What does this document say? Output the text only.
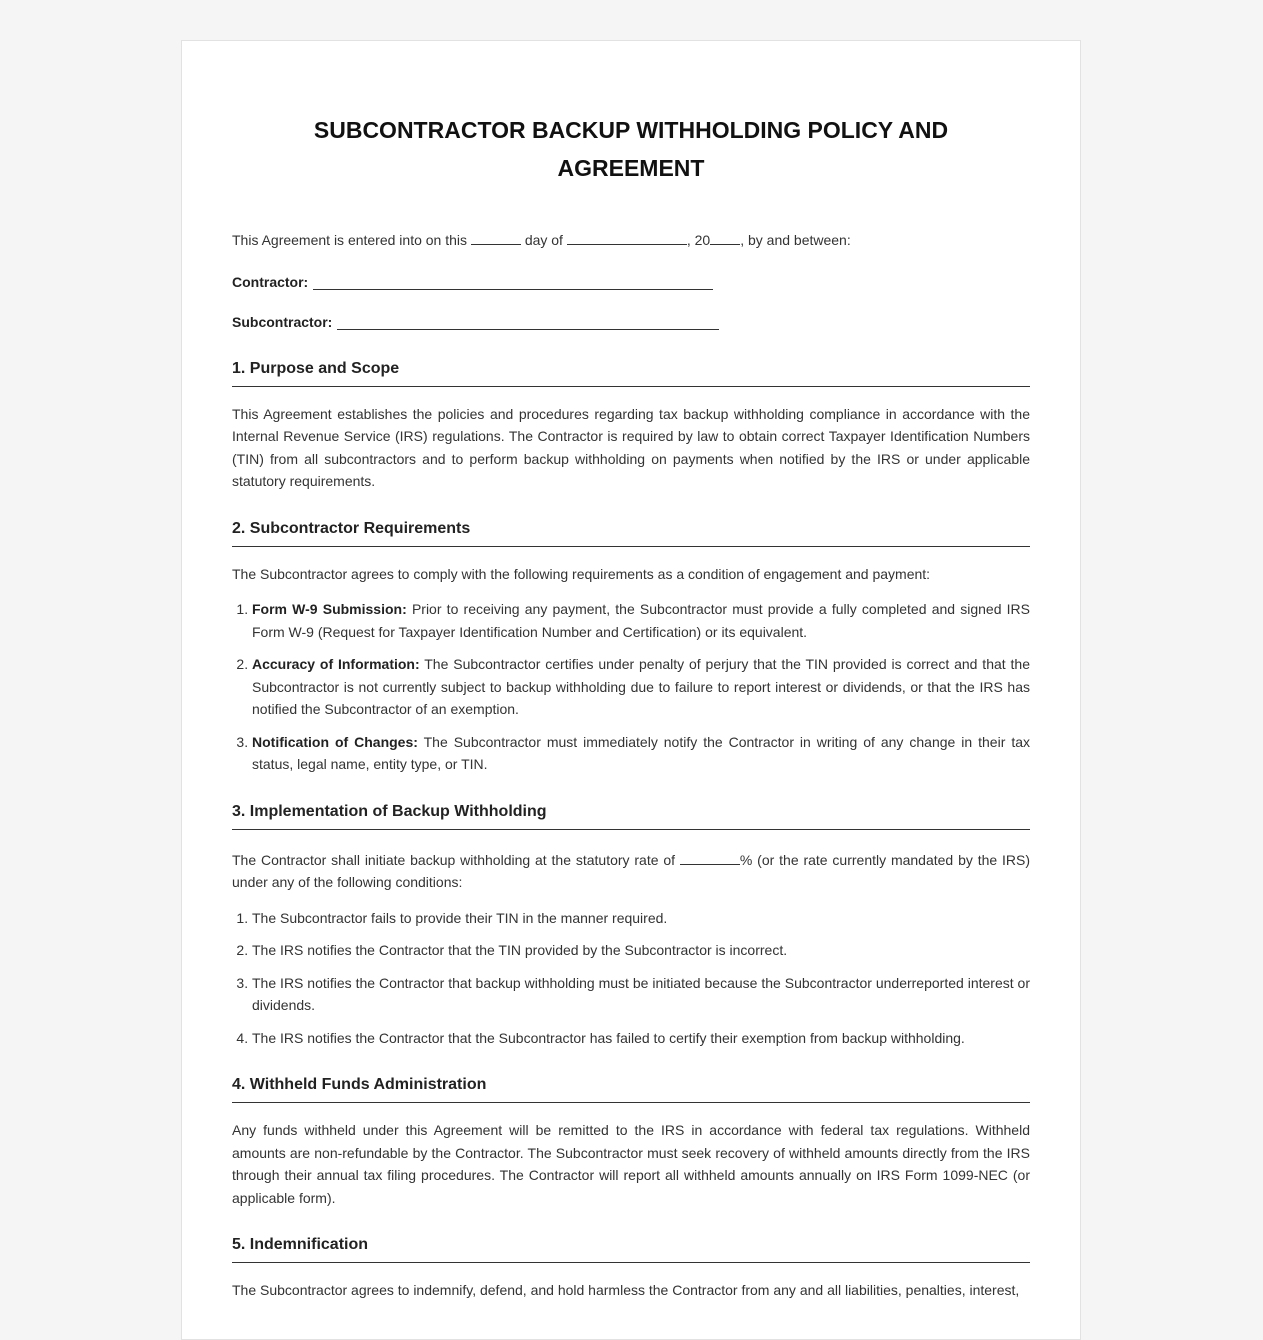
SUBCONTRACTOR BACKUP WITHHOLDING POLICY AND AGREEMENT

This Agreement is entered into on this	day of	, 20 , by and between:

Contractor:
Subcontractor:
1. Purpose and Scope

This Agreement establishes the policies and procedures regarding tax backup withholding compliance in accordance with the Internal Revenue Service (IRS) regulations. The Contractor is required by law to obtain correct Taxpayer Identification Numbers (TIN) from all subcontractors and to perform backup withholding on payments when notified by the IRS or under applicable statutory requirements.

2. Subcontractor Requirements

The Subcontractor agrees to comply with the following requirements as a condition of engagement and payment:

1. Form W-9 Submission: Prior to receiving any payment, the Subcontractor must provide a fully completed and signed IRS Form W-9 (Request for Taxpayer Identification Number and Certification) or its equivalent.
2. Accuracy of Information: The Subcontractor certifies under penalty of perjury that the TIN provided is correct and that the Subcontractor is not currently subject to backup withholding due to failure to report interest or dividends, or that the IRS has notified the Subcontractor of an exemption.
3. Notification of Changes: The Subcontractor must immediately notify the Contractor in writing of any change in their tax status, legal name, entity type, or TIN.
3. Implementation of Backup Withholding

The Contractor shall initiate backup withholding at the statutory rate of	% (or the rate currently mandated by the IRS) under any of the following conditions:

1. The Subcontractor fails to provide their TIN in the manner required.
2. The IRS notifies the Contractor that the TIN provided by the Subcontractor is incorrect.
3. The IRS notifies the Contractor that backup withholding must be initiated because the Subcontractor underreported interest or dividends.
4. The IRS notifies the Contractor that the Subcontractor has failed to certify their exemption from backup withholding.
4. Withheld Funds Administration

Any funds withheld under this Agreement will be remitted to the IRS in accordance with federal tax regulations. Withheld amounts are non-refundable by the Contractor. The Subcontractor must seek recovery of withheld amounts directly from the IRS through their annual tax filing procedures. The Contractor will report all withheld amounts annually on IRS Form 1099-NEC (or applicable form).

5. Indemnification

The Subcontractor agrees to indemnify, defend, and hold harmless the Contractor from any and all liabilities, penalties, interest,
